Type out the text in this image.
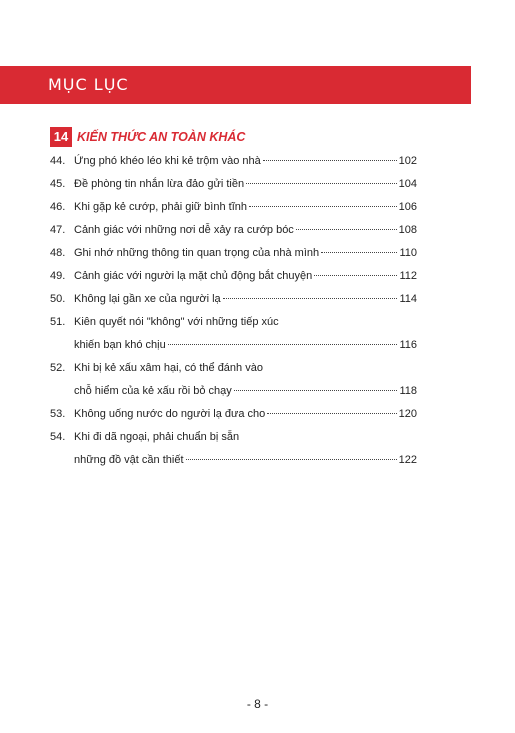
MỤC LỤC
14 KIẾN THỨC AN TOÀN KHÁC
44. Ứng phó khéo léo khi kẻ trộm vào nhà	102
45. Đề phòng tin nhắn lừa đảo gửi tiền	104
46. Khi gặp kẻ cướp, phải giữ bình tĩnh	106
47. Cảnh giác với những nơi dễ xảy ra cướp bóc	108
48. Ghi nhớ những thông tin quan trọng của nhà mình	110
49. Cảnh giác với người lạ mặt chủ động bắt chuyện	112
50. Không lại gần xe của người lạ	114
51. Kiên quyết nói "không" với những tiếp xúc
khiến bạn khó chịu	116
52. Khi bị kẻ xấu xâm hại, có thể đánh vào
chỗ hiểm của kẻ xấu rồi bỏ chạy	118
53. Không uống nước do người lạ đưa cho	120
54. Khi đi dã ngoại, phải chuẩn bị sẵn
những đồ vật cần thiết	122
- 8 -
